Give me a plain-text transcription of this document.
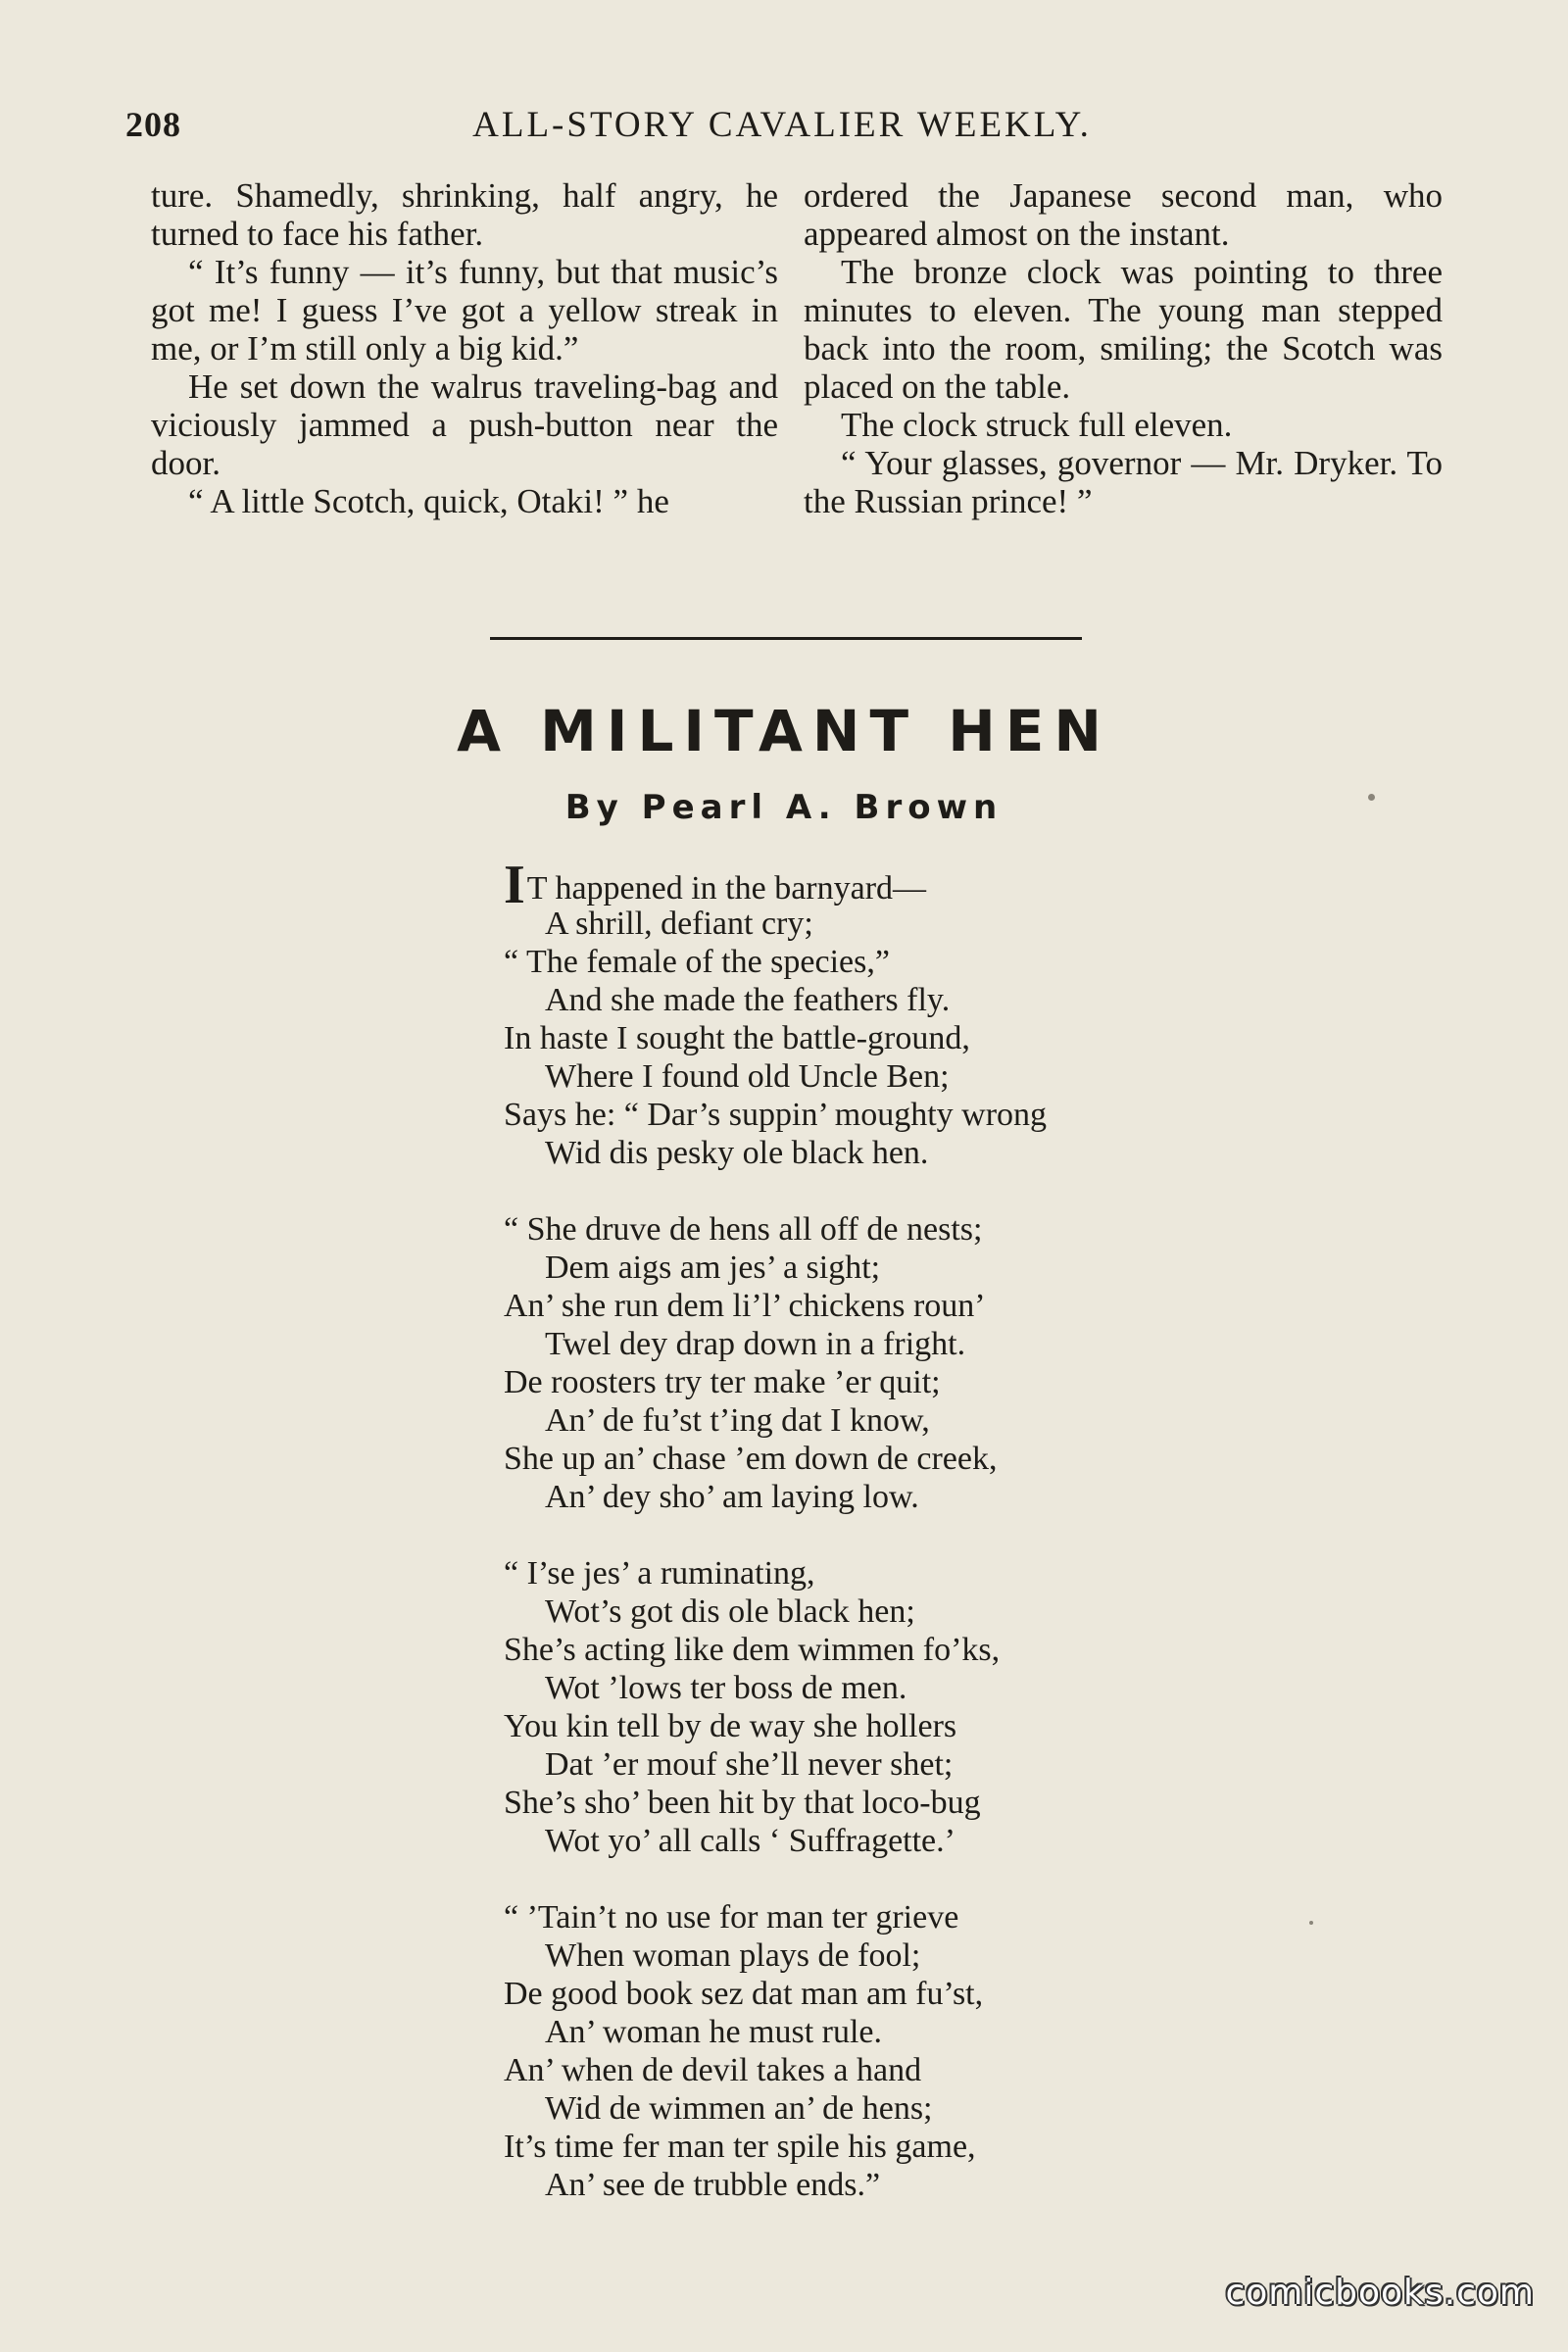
208	ALL-STORY CAVALIER WEEKLY.

ture. Shamedly, shrinking, half angry, he turned to face his father.

“ It’s funny — it’s funny, but that music’s got me! I guess I’ve got a yellow streak in me, or I’m still only a big kid.”

He set down the walrus traveling-bag and viciously jammed a push-button near the door.

“ A little Scotch, quick, Otaki! ” he

ordered the Japanese second man, who appeared almost on the instant.

The bronze clock was pointing to three minutes to eleven. The young man stepped back into the room, smiling; the Scotch was placed on the table.

The clock struck full eleven.

“ Your glasses, governor — Mr. Dryker. To the Russian prince! ”

A MILITANT HEN
By Pearl A. Brown
IT happened in the barnyard—
A shrill, defiant cry;
“ The female of the species,”
And she made the feathers fly.
In haste I sought the battle-ground,
Where I found old Uncle Ben;
Says he: “ Dar’s suppin’ moughty wrong
Wid dis pesky ole black hen.
“ She druve de hens all off de nests;
Dem aigs am jes’ a sight;
An’ she run dem li’l’ chickens roun’
Twel dey drap down in a fright.
De roosters try ter make ’er quit;
An’ de fu’st t’ing dat I know,
She up an’ chase ’em down de creek,
An’ dey sho’ am laying low.
“ I’se jes’ a ruminating,
Wot’s got dis ole black hen;
She’s acting like dem wimmen fo’ks,
Wot ’lows ter boss de men.
You kin tell by de way she hollers
Dat ’er mouf she’ll never shet;
She’s sho’ been hit by that loco-bug
Wot yo’ all calls ‘ Suffragette.’
“ ’Tain’t no use for man ter grieve
When woman plays de fool;
De good book sez dat man am fu’st,
An’ woman he must rule.
An’ when de devil takes a hand
Wid de wimmen an’ de hens;
It’s time fer man ter spile his game,
An’ see de trubble ends.”
comicbooks.com
